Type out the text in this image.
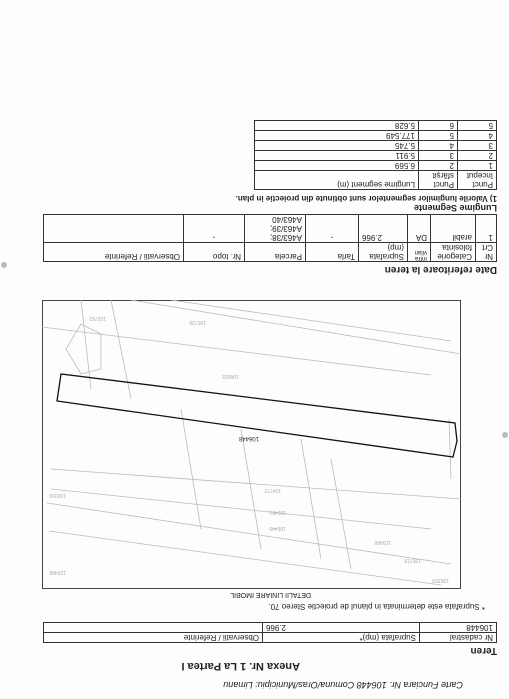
Carte Funciara Nr. 106448 Comuna/Oras/Municipiu: Limanu
Anexa Nr. 1 La Partea I
Teren
Nr cadastral	Suprafata (mp)*	Observatii / Referinte
106448	2.966	
* Suprafata este determinata in planul de proiectie Stereo 70.
DETALII LINIARE IMOBIL
106250
105718
103465
106449
106451
104772
106003
105726
103752
102486
100050
106448
Date referitoare la teren
Nr Crt	Categorie folosinta	Intra vilan	Suprafata (mp)	Tarla	Parcela	Nr. topo	Observatii / Referinte
1	arabil	DA	2.966	-	A463/38; A463/39; A463/40	-	
Lungime Segmente
1) Valorile lungimilor segmentelor sunt obtinute din proiectie in plan.
Punct început	Punct sfârșit	Lungime segment (m)
1	2	6.569
2	3	5.911
3	4	5.745
4	5	177.549
5	6	5.628
